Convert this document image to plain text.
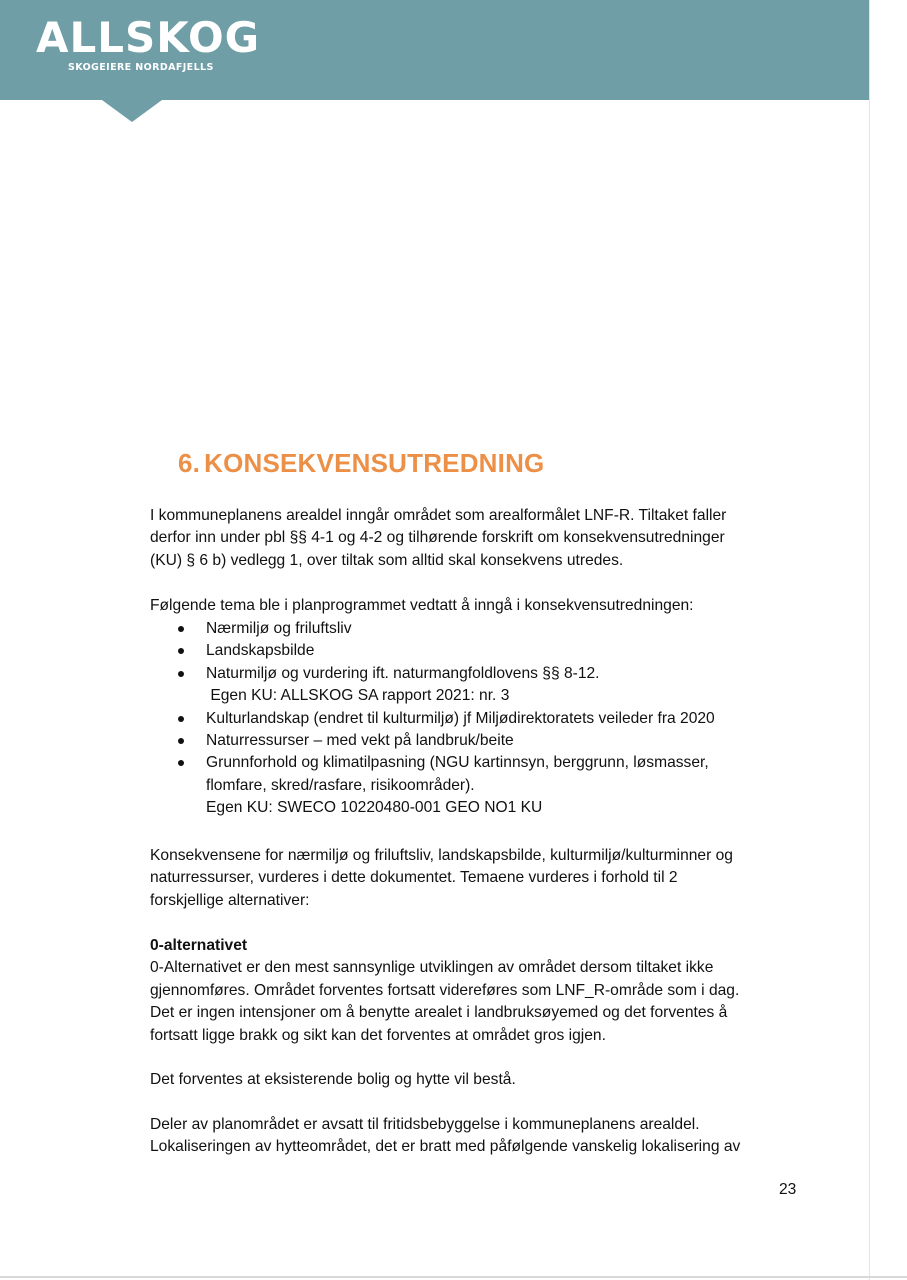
ALLSKOG
SKOGEIERE NORDAFJELLS
6. KONSEKVENSUTREDNING
I kommuneplanens arealdel inngår området som arealformålet LNF-R. Tiltaket faller
derfor inn under pbl §§ 4-1 og 4-2 og tilhørende forskrift om konsekvensutredninger
(KU) § 6 b) vedlegg 1, over tiltak som alltid skal konsekvens utredes.
Følgende tema ble i planprogrammet vedtatt å inngå i konsekvensutredningen:
Nærmiljø og friluftsliv
Landskapsbilde
Naturmiljø og vurdering ift. naturmangfoldlovens §§ 8-12.
Egen KU: ALLSKOG SA rapport 2021: nr. 3
Kulturlandskap (endret til kulturmiljø) jf Miljødirektoratets veileder fra 2020
Naturressurser – med vekt på landbruk/beite
Grunnforhold og klimatilpasning (NGU kartinnsyn, berggrunn, løsmasser,
flomfare, skred/rasfare, risikoområder).
Egen KU: SWECO 10220480-001 GEO NO1 KU
Konsekvensene for nærmiljø og friluftsliv, landskapsbilde, kulturmiljø/kulturminner og
naturressurser, vurderes i dette dokumentet. Temaene vurderes i forhold til 2
forskjellige alternativer:
0-alternativet
0-Alternativet er den mest sannsynlige utviklingen av området dersom tiltaket ikke
gjennomføres. Området forventes fortsatt videreføres som LNF_R-område som i dag.
Det er ingen intensjoner om å benytte arealet i landbruksøyemed og det forventes å
fortsatt ligge brakk og sikt kan det forventes at området gros igjen.
Det forventes at eksisterende bolig og hytte vil bestå.
Deler av planområdet er avsatt til fritidsbebyggelse i kommuneplanens arealdel.
Lokaliseringen av hytteområdet, det er bratt med påfølgende vanskelig lokalisering av
23
